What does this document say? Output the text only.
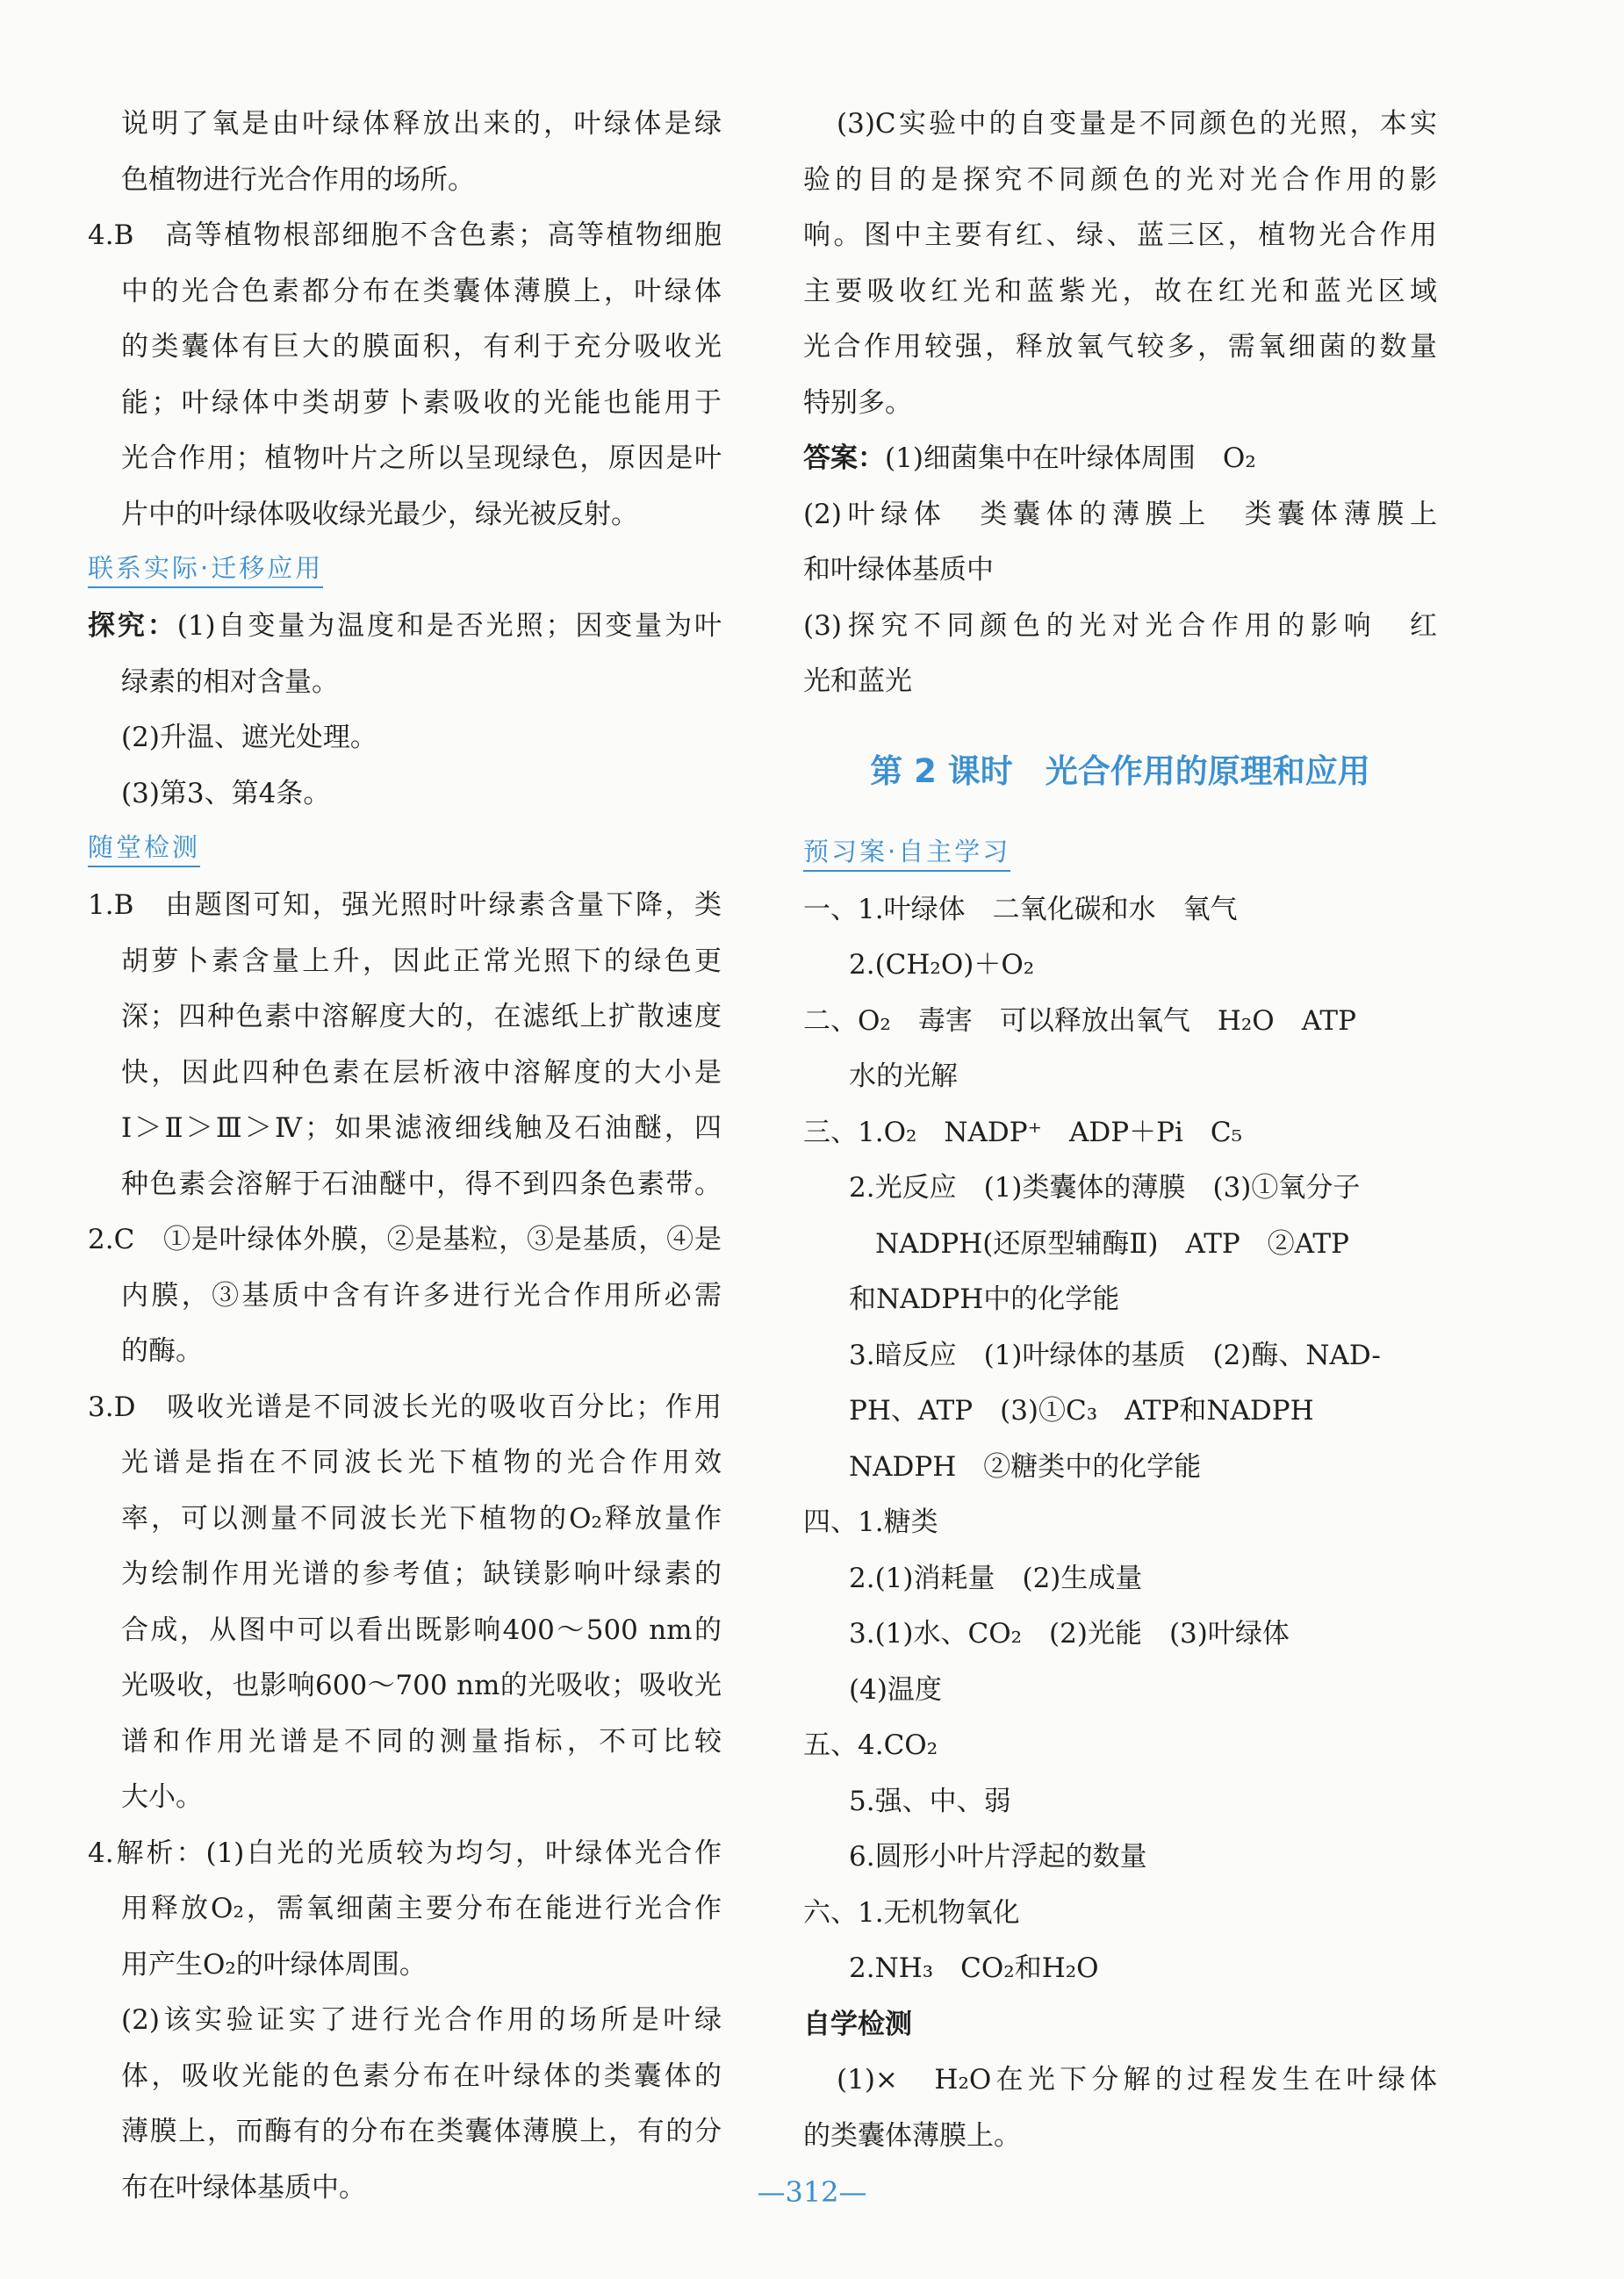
说明了氧是由叶绿体释放出来的，叶绿体是绿

色植物进行光合作用的场所。

4.B　高等植物根部细胞不含色素；高等植物细胞

中的光合色素都分布在类囊体薄膜上，叶绿体

的类囊体有巨大的膜面积，有利于充分吸收光

能；叶绿体中类胡萝卜素吸收的光能也能用于

光合作用；植物叶片之所以呈现绿色，原因是叶

片中的叶绿体吸收绿光最少，绿光被反射。

联系实际·迁移应用

探究：(1)自变量为温度和是否光照；因变量为叶

绿素的相对含量。

(2)升温、遮光处理。

(3)第3、第4条。

随堂检测

1.B　由题图可知，强光照时叶绿素含量下降，类

胡萝卜素含量上升，因此正常光照下的绿色更

深；四种色素中溶解度大的，在滤纸上扩散速度

快，因此四种色素在层析液中溶解度的大小是

Ⅰ＞Ⅱ＞Ⅲ＞Ⅳ；如果滤液细线触及石油醚，四

种色素会溶解于石油醚中，得不到四条色素带。

2.C　①是叶绿体外膜，②是基粒，③是基质，④是

内膜，③基质中含有许多进行光合作用所必需

的酶。

3.D　吸收光谱是不同波长光的吸收百分比；作用

光谱是指在不同波长光下植物的光合作用效

率，可以测量不同波长光下植物的O₂释放量作

为绘制作用光谱的参考值；缺镁影响叶绿素的

合成，从图中可以看出既影响400～500 nm的

光吸收，也影响600～700 nm的光吸收；吸收光

谱和作用光谱是不同的测量指标，不可比较

大小。

4.解析：(1)白光的光质较为均匀，叶绿体光合作

用释放O₂，需氧细菌主要分布在能进行光合作

用产生O₂的叶绿体周围。

(2)该实验证实了进行光合作用的场所是叶绿

体，吸收光能的色素分布在叶绿体的类囊体的

薄膜上，而酶有的分布在类囊体薄膜上，有的分

布在叶绿体基质中。

(3)C实验中的自变量是不同颜色的光照，本实

验的目的是探究不同颜色的光对光合作用的影

响。图中主要有红、绿、蓝三区，植物光合作用

主要吸收红光和蓝紫光，故在红光和蓝光区域

光合作用较强，释放氧气较多，需氧细菌的数量

特别多。

答案：(1)细菌集中在叶绿体周围　O₂

(2)叶绿体　类囊体的薄膜上　类囊体薄膜上

和叶绿体基质中

(3)探究不同颜色的光对光合作用的影响　红

光和蓝光

第 2 课时　光合作用的原理和应用
预习案·自主学习

一、1.叶绿体　二氧化碳和水　氧气

2.(CH₂O)＋O₂

二、O₂　毒害　可以释放出氧气　H₂O　ATP

水的光解

三、1.O₂　NADP⁺　ADP＋Pi　C₅

2.光反应　(1)类囊体的薄膜　(3)①氧分子

NADPH(还原型辅酶Ⅱ)　ATP　②ATP

和NADPH中的化学能

3.暗反应　(1)叶绿体的基质　(2)酶、NAD-

PH、ATP　(3)①C₃　ATP和NADPH

NADPH　②糖类中的化学能

四、1.糖类

2.(1)消耗量　(2)生成量

3.(1)水、CO₂　(2)光能　(3)叶绿体

(4)温度

五、4.CO₂

5.强、中、弱

6.圆形小叶片浮起的数量

六、1.无机物氧化

2.NH₃　CO₂和H₂O

自学检测

(1)×　H₂O在光下分解的过程发生在叶绿体

的类囊体薄膜上。

—312—
